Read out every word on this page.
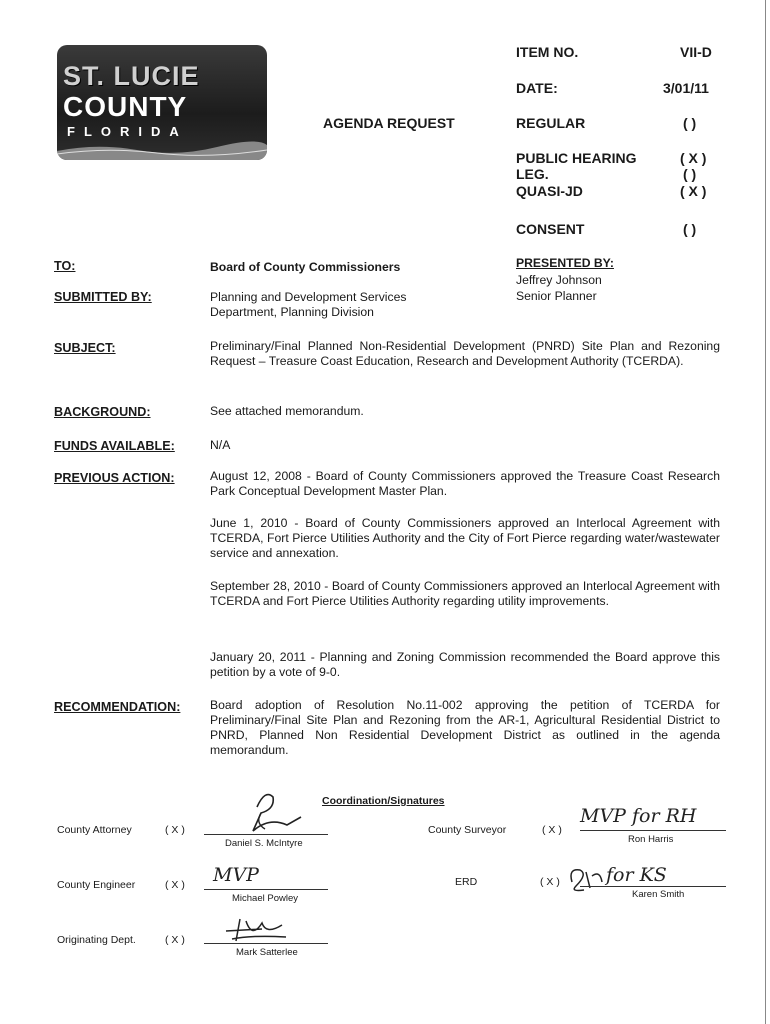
ST. LUCIE
COUNTY
FLORIDA
AGENDA REQUEST
ITEM NO.	VII-D
DATE:	3/01/11
REGULAR	( )
PUBLIC HEARING	( X )
LEG.	( )
QUASI-JD	( X )
CONSENT	( )
TO:	Board of County Commissioners	PRESENTED BY:
Jeffrey Johnson
Senior Planner
SUBMITTED BY:	Planning and Development Services
Department, Planning Division
SUBJECT:	Preliminary/Final Planned Non-Residential Development (PNRD) Site Plan and Rezoning Request – Treasure Coast Education, Research and Development Authority (TCERDA).
BACKGROUND:	See attached memorandum.
FUNDS AVAILABLE:	N/A
PREVIOUS ACTION:	August 12, 2008 - Board of County Commissioners approved the Treasure Coast Research Park Conceptual Development Master Plan.
June 1, 2010 - Board of County Commissioners approved an Interlocal Agreement with TCERDA, Fort Pierce Utilities Authority and the City of Fort Pierce regarding water/wastewater service and annexation.
September 28, 2010 - Board of County Commissioners approved an Interlocal Agreement with TCERDA and Fort Pierce Utilities Authority regarding utility improvements.
January 20, 2011 - Planning and Zoning Commission recommended the Board approve this petition by a vote of 9-0.
RECOMMENDATION: Board adoption of Resolution No.11-002 approving the petition of TCERDA for Preliminary/Final Site Plan and Rezoning from the AR-1, Agricultural Residential District to PNRD, Planned Non Residential Development District as outlined in the agenda memorandum.
Coordination/Signatures
County Attorney	( X )
Daniel S. McIntyre
County Engineer	( X ) MVP
Michael Powley
Originating Dept.	( X )
Mark Satterlee
County Surveyor	( X )
MVP for RH
Ron Harris
ERD	( X ) for KS
Karen Smith
